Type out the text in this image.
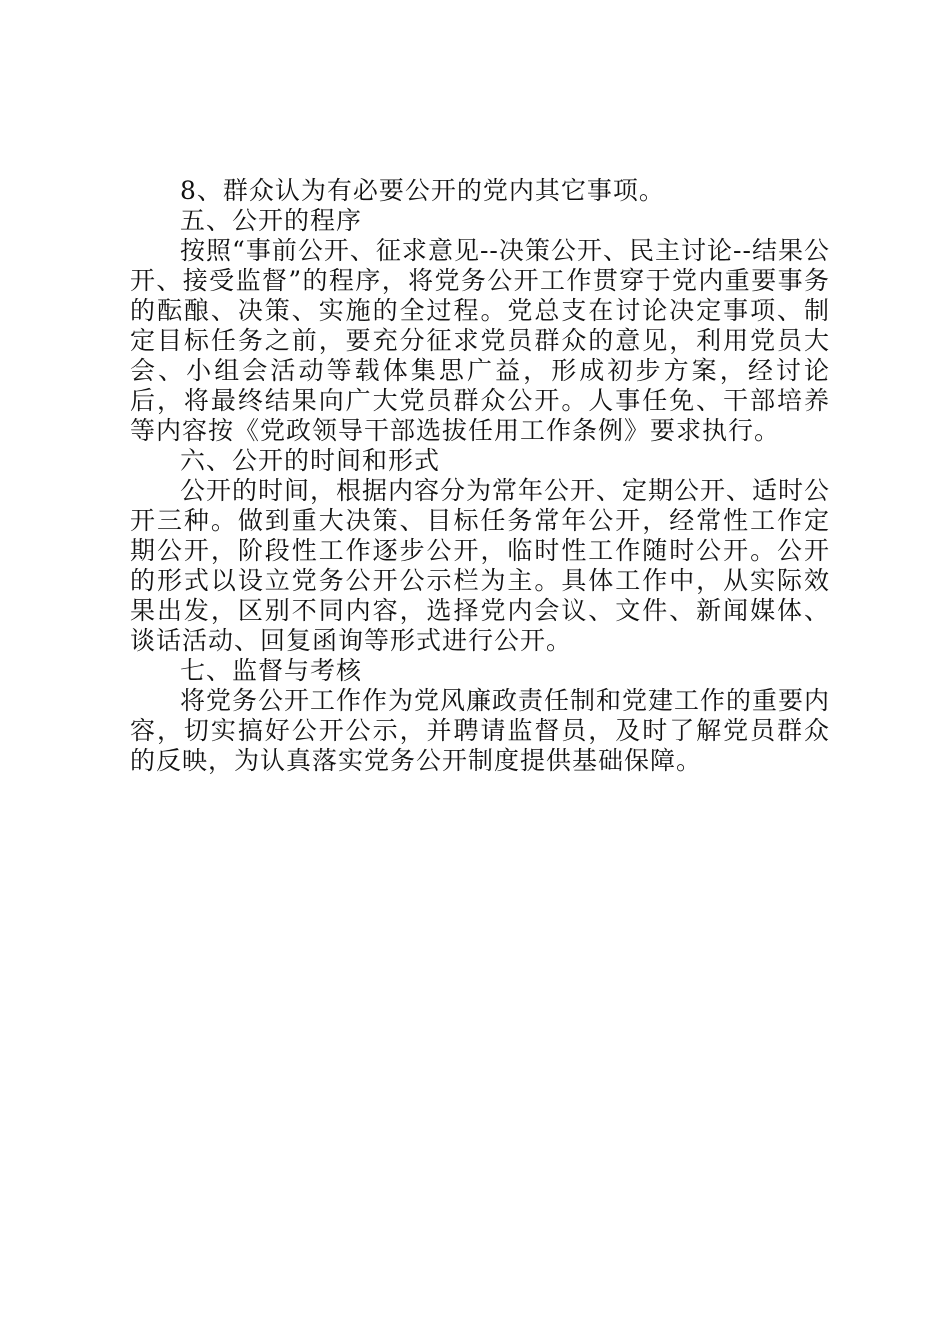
8、群众认为有必要公开的党内其它事项。

五、公开的程序

按照“事前公开、征求意见--决策公开、民主讨论--结果公开、接受监督”的程序，将党务公开工作贯穿于党内重要事务的酝酿、决策、实施的全过程。党总支在讨论决定事项、制定目标任务之前，要充分征求党员群众的意见，利用党员大会、小组会活动等载体集思广益，形成初步方案，经讨论后，将最终结果向广大党员群众公开。人事任免、干部培养等内容按《党政领导干部选拔任用工作条例》要求执行。

六、公开的时间和形式

公开的时间，根据内容分为常年公开、定期公开、适时公开三种。做到重大决策、目标任务常年公开，经常性工作定期公开，阶段性工作逐步公开，临时性工作随时公开。公开的形式以设立党务公开公示栏为主。具体工作中，从实际效果出发，区别不同内容，选择党内会议、文件、新闻媒体、谈话活动、回复函询等形式进行公开。

七、监督与考核

将党务公开工作作为党风廉政责任制和党建工作的重要内容，切实搞好公开公示，并聘请监督员，及时了解党员群众的反映，为认真落实党务公开制度提供基础保障。
